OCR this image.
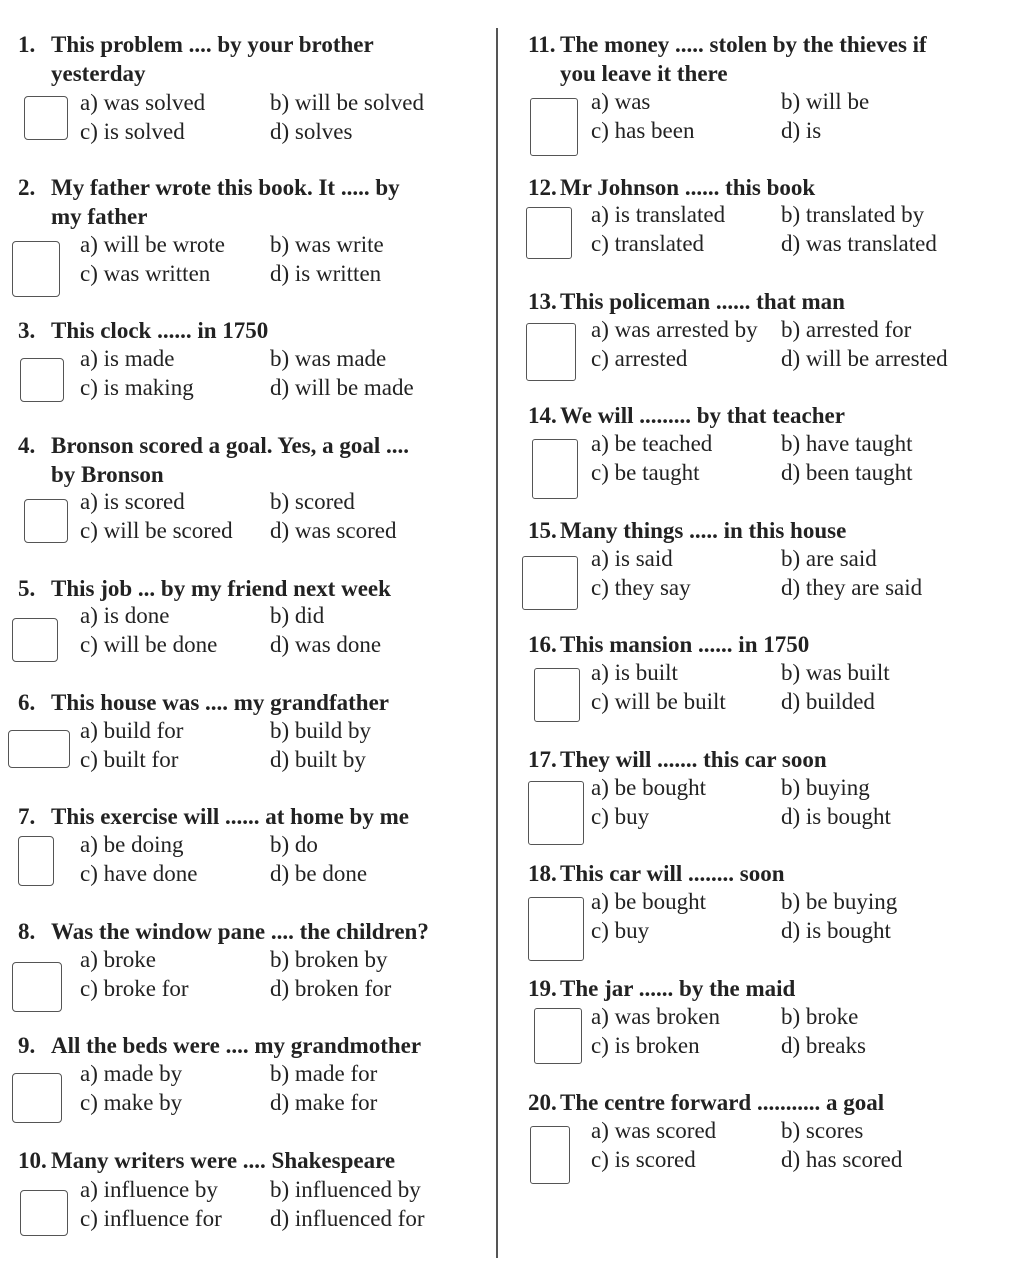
1. This problem .... by your brother
yesterday
a) was solved	b) will be solved
c) is solved	d) solves
2. My father wrote this book. It ..... by
my father
a) will be wrote b) was write
c) was written	d) is written
3. This clock ...... in 1750
a) is made	b) was made
c) is making	d) will be made
4. Bronson scored a goal. Yes, a goal ....
by Bronson
a) is scored	b) scored
c) will be scored d) was scored
5. This job ... by my friend next week
a) is done	b) did
c) will be done d) was done
6. This house was .... my grandfather
a) build for	b) build by
c) built for	d) built by
7. This exercise will ...... at home by me
a) be doing	b) do
c) have done	d) be done
8. Was the window pane .... the children?
a) broke	b) broken by
c) broke for	d) broken for
9. All the beds were .... my grandmother
a) made by	b) made for
c) make by	d) make for
10. Many writers were .... Shakespeare
a) influence by b) influenced by
c) influence for d) influenced for
11. The money ..... stolen by the thieves if
you leave it there
a) was	b) will be
c) has been	d) is
12. Mr Johnson ...... this book
a) is translated b) translated by
c) translated	d) was translated
13. This policeman ...... that man
a) was arrested by b) arrested for
c) arrested	d) will be arrested
14. We will ......... by that teacher
a) be teached	b) have taught
c) be taught	d) been taught
15. Many things ..... in this house
a) is said	b) are said
c) they say	d) they are said
16. This mansion ...... in 1750
a) is built	b) was built
c) will be built d) builded
17. They will ....... this car soon
a) be bought	b) buying
c) buy	d) is bought
18. This car will ........ soon
a) be bought	b) be buying
c) buy	d) is bought
19. The jar ...... by the maid
a) was broken	b) broke
c) is broken	d) breaks
20. The centre forward ........... a goal
a) was scored	b) scores
c) is scored	d) has scored
